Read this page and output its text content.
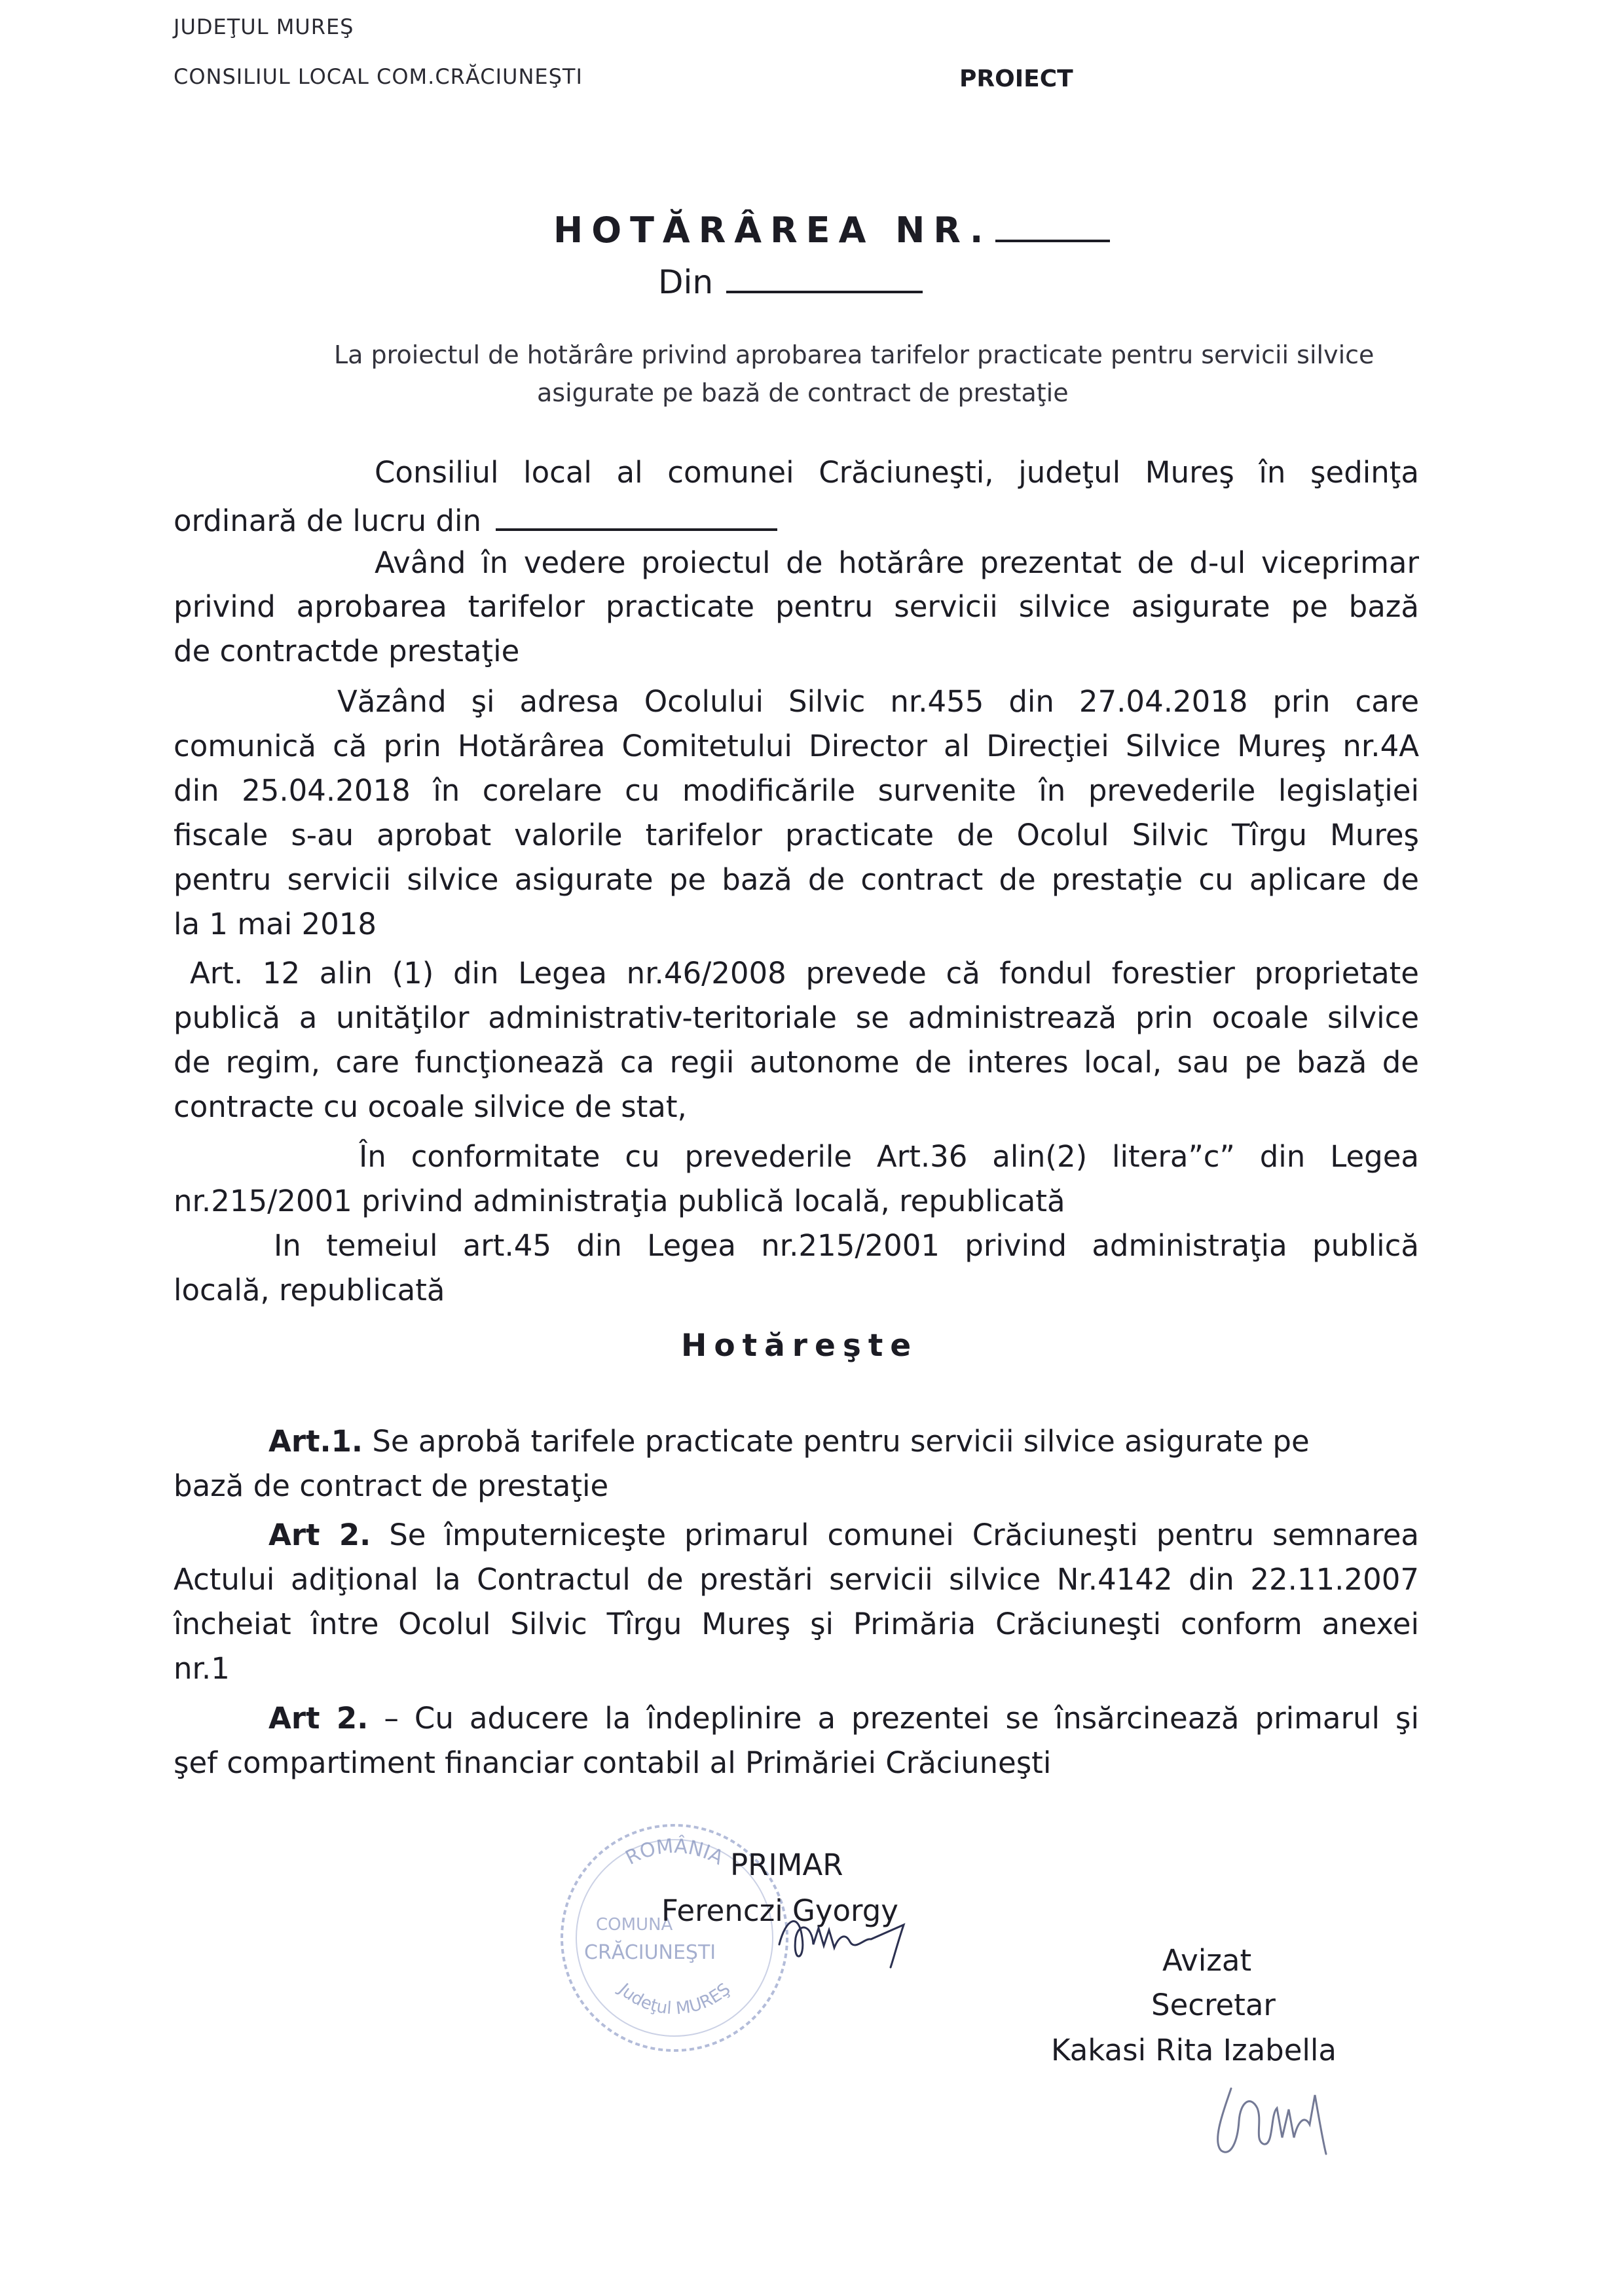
JUDEŢUL MUREŞ
CONSILIUL LOCAL COM.CRĂCIUNEŞTI	PROIECT
HOTĂRÂREA NR.
Din
La proiectul de hotărâre privind aprobarea tarifelor practicate pentru servicii silvice
asigurate pe bază de contract de prestaţie
Consiliul local al comunei Crăciuneşti, judeţul Mureş în şedinţa
ordinară de lucru din
Având în vedere proiectul de hotărâre prezentat de d-ul viceprimar
privind aprobarea tarifelor practicate pentru servicii silvice asigurate pe bază
de contractde prestaţie
Văzând şi adresa Ocolului Silvic nr.455 din 27.04.2018 prin care
comunică că prin Hotărârea Comitetului Director al Direcţiei Silvice Mureş nr.4A
din 25.04.2018 în corelare cu modificările survenite în prevederile legislaţiei
fiscale s-au aprobat valorile tarifelor practicate de Ocolul Silvic Tîrgu Mureş
pentru servicii silvice asigurate pe bază de contract de prestaţie cu aplicare de
la 1 mai 2018
Art. 12 alin (1) din Legea nr.46/2008 prevede că fondul forestier proprietate
publică a unităţilor administrativ-teritoriale se administrează prin ocoale silvice
de regim, care funcţionează ca regii autonome de interes local, sau pe bază de
contracte cu ocoale silvice de stat,
În conformitate cu prevederile Art.36 alin(2) litera”c” din Legea
nr.215/2001 privind administraţia publică locală, republicată
In temeiul art.45 din Legea nr.215/2001 privind administraţia publică
locală, republicată
Hotăreşte
Art.1. Se aprobă tarifele practicate pentru servicii silvice asigurate pe
bază de contract de prestaţie
Art 2. Se împuterniceşte primarul comunei Crăciuneşti pentru semnarea
Actului adiţional la Contractul de prestări servicii silvice Nr.4142 din 22.11.2007
încheiat între Ocolul Silvic Tîrgu Mureş şi Primăria Crăciuneşti conform anexei
nr.1
Art 2. – Cu aducere la îndeplinire a prezentei se însărcinează primarul şi
şef compartiment financiar contabil al Primăriei Crăciuneşti
ROMÂNIA
COMUNA
CRĂCIUNEŞTI
Judeţul MUREŞ
PRIMAR
Ferenczi Gyorgy
Avizat
Secretar
Kakasi Rita Izabella
